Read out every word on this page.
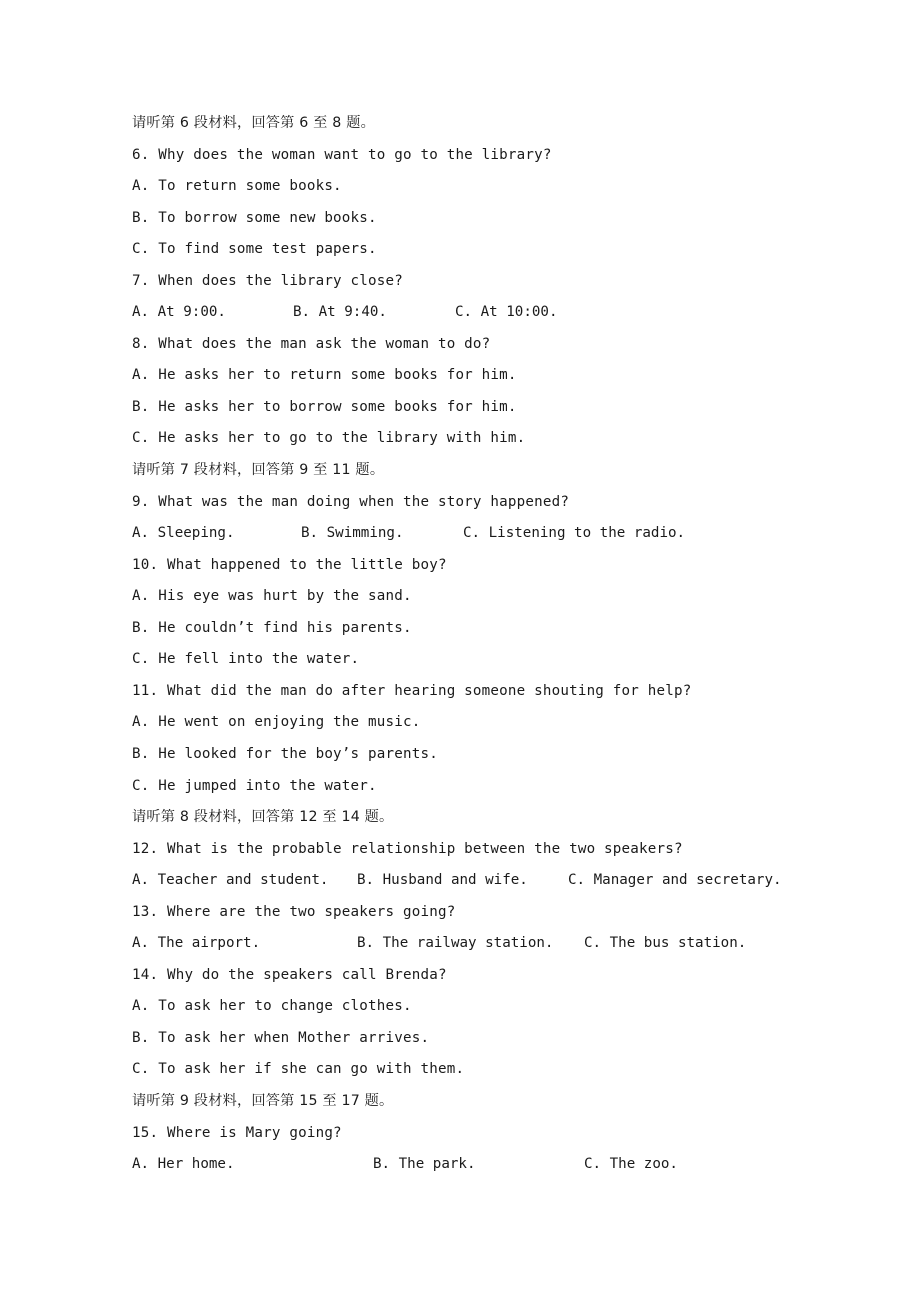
请听第 6 段材料，回答第 6 至 8 题。
6. Why does the woman want to go to the library?
A. To return some books.
B. To borrow some new books.
C. To find some test papers.
7. When does the library close?

A. At 9:00.

	B. At 9:40.

	C. At 10:00.

8. What does the man ask the woman to do?
A. He asks her to return some books for him.
B. He asks her to borrow some books for him.
C. He asks her to go to the library with him.
请听第 7 段材料，回答第 9 至 11 题。
9. What was the man doing when the story happened?

A. Sleeping.

	B. Swimming.

	C. Listening to the radio.

10. What happened to the little boy?
A. His eye was hurt by the sand.
B. He couldn’t find his parents.
C. He fell into the water.
11. What did the man do after hearing someone shouting for help?
A. He went on enjoying the music.
B. He looked for the boy’s parents.
C. He jumped into the water.
请听第 8 段材料，回答第 12 至 14 题。
12. What is the probable relationship between the two speakers?

A. Teacher and student.

B. Husband and wife.

	C. Manager and secretary.

13. Where are the two speakers going?

A. The airport.

	B. The railway station.

C. The bus station.

14. Why do the speakers call Brenda?
A. To ask her to change clothes.
B. To ask her when Mother arrives.
C. To ask her if she can go with them.
请听第 9 段材料，回答第 15 至 17 题。
15. Where is Mary going?

A. Her home.

	B. The park.

	C. The zoo.
